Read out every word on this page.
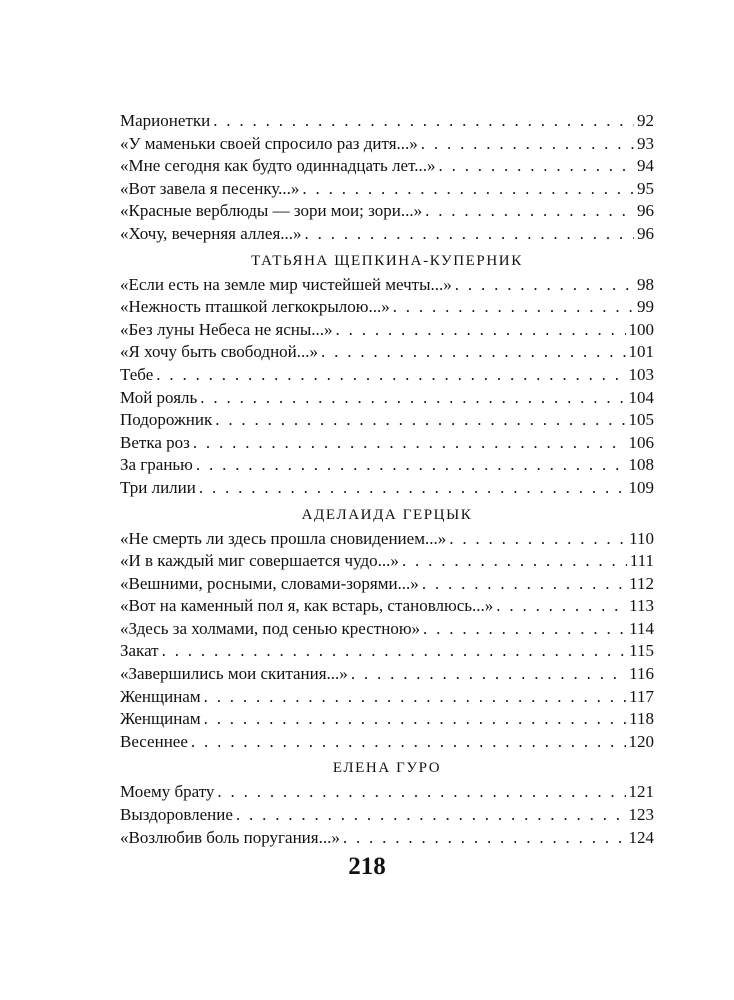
Марионетки . . .	92
«У маменьки своей спросило раз дитя...» . . .	93
«Мне сегодня как будто одиннадцать лет...» . . .	94
«Вот завела я песенку...» . . .	95
«Красные верблюды — зори мои; зори...» . . .	96
«Хочу, вечерняя аллея...» . . .	96
ТАТЬЯНА ЩЕПКИНА-КУПЕРНИК
«Если есть на земле мир чистейшей мечты...» . . .	98
«Нежность пташкой легкокрылою...» . . .	99
«Без луны Небеса не ясны...» . . .	100
«Я хочу быть свободной...» . . .	101
Тебе . . .	103
Мой рояль . . .	104
Подорожник . . .	105
Ветка роз . . .	106
За гранью . . .	108
Три лилии . . .	109
АДЕЛАИДА ГЕРЦЫК
«Не смерть ли здесь прошла сновидением...» . . .	110
«И в каждый миг совершается чудо...» . . .	111
«Вешними, росными, словами-зорями...» . . .	112
«Вот на каменный пол я, как встарь, становлюсь...» . . .	113
«Здесь за холмами, под сенью крестною» . . .	114
Закат . . .	115
«Завершились мои скитания...» . . .	116
Женщинам . . .	117
Женщинам . . .	118
Весеннее . . .	120
ЕЛЕНА ГУРО
Моему брату . . .	121
Выздоровление . . .	123
«Возлюбив боль поругания...» . . .	124
218
